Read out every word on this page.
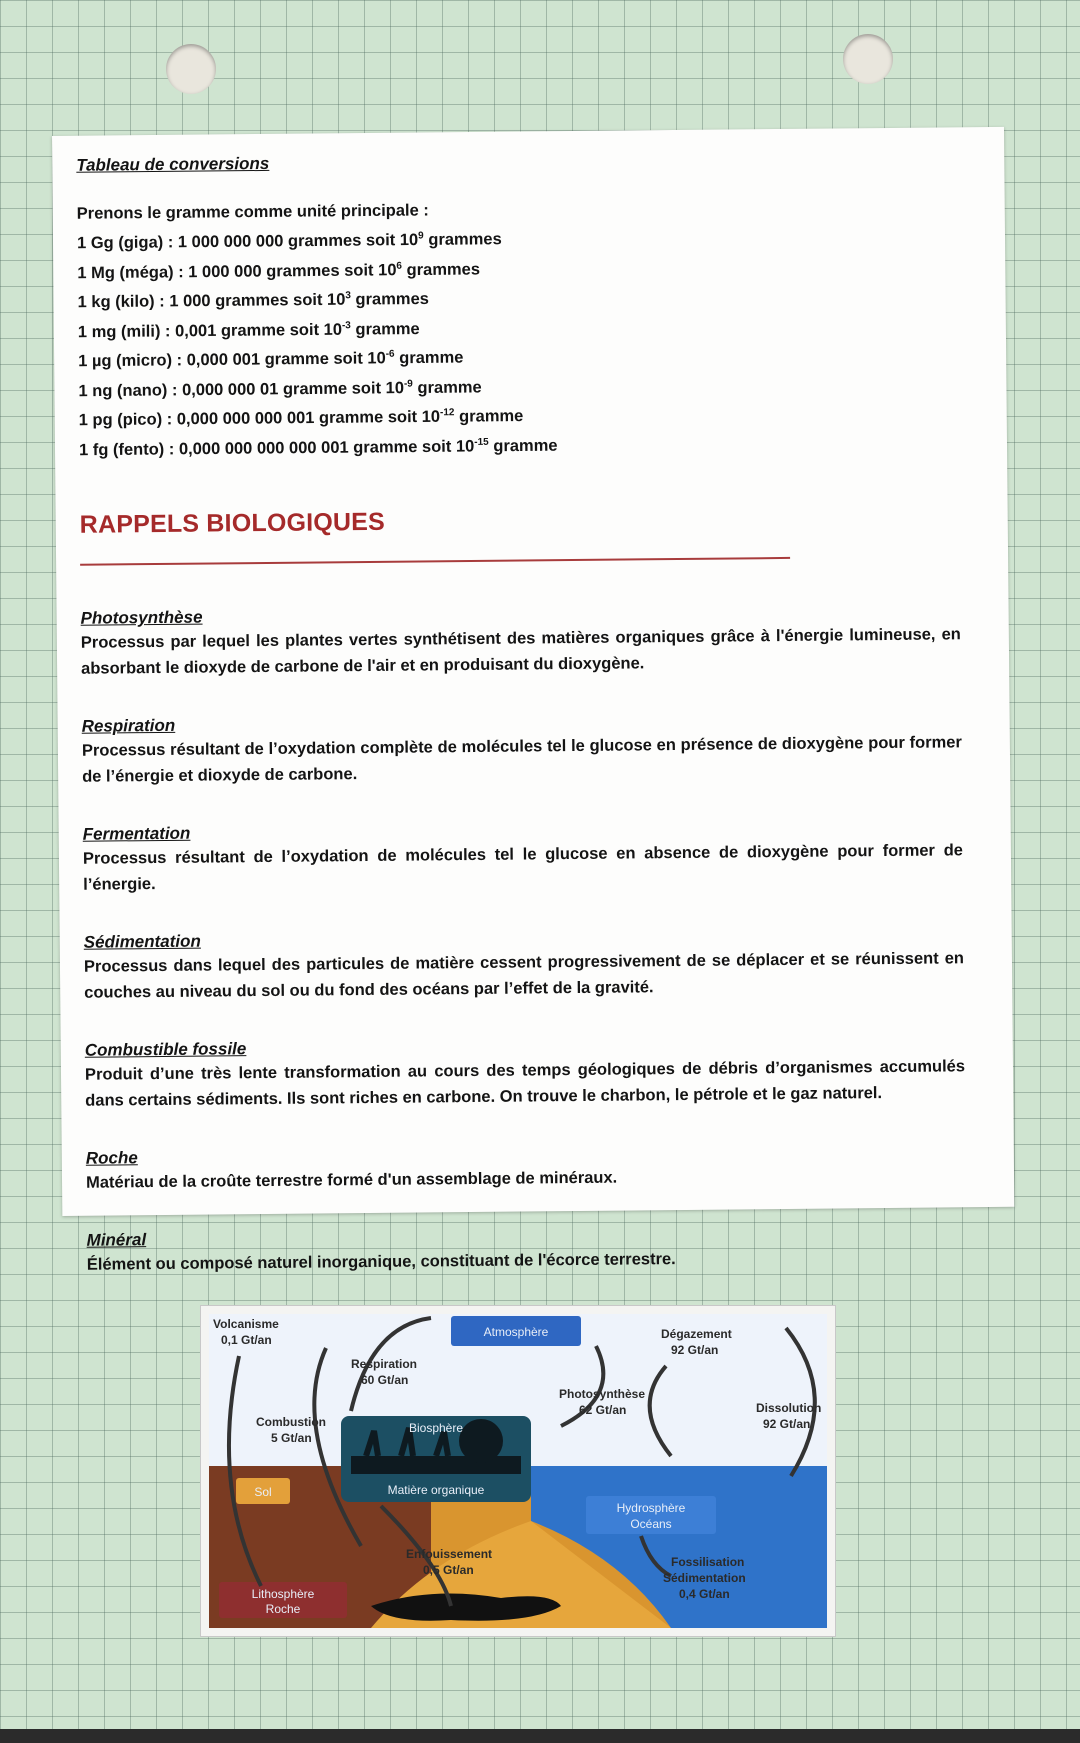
Tableau de conversions

Prenons le gramme comme unité principale :
1 Gg (giga) : 1 000 000 000 grammes soit $10^9$ grammes
1 Mg (méga) : 1 000 000 grammes soit $10^6$ grammes
1 kg (kilo) : 1 000 grammes soit $10^3$ grammes
1 mg (mili) : 0,001 gramme soit $10^{-3}$ gramme
1 µg (micro) : 0,000 001 gramme soit $10^{-6}$ gramme
1 ng (nano) : 0,000 000 01 gramme soit $10^{-9}$ gramme
1 pg (pico) : 0,000 000 000 001 gramme soit $10^{-12}$ gramme
1 fg (fento) : 0,000 000 000 000 001 gramme soit $10^{-15}$ gramme
RAPPELS BIOLOGIQUES
Photosynthèse
Processus par lequel les plantes vertes synthétisent des matières organiques grâce à l'énergie lumineuse, en absorbant le dioxyde de carbone de l'air et en produisant du dioxygène.
Respiration
Processus résultant de l’oxydation complète de molécules tel le glucose en présence de dioxygène pour former de l’énergie et dioxyde de carbone.
Fermentation
Processus résultant de l’oxydation de molécules tel le glucose en absence de dioxygène pour former de l’énergie.
Sédimentation
Processus dans lequel des particules de matière cessent progressivement de se déplacer et se réunissent en couches au niveau du sol ou du fond des océans par l’effet de la gravité.
Combustible fossile
Produit d’une très lente transformation au cours des temps géologiques de débris d’organismes accumulés dans certains sédiments. Ils sont riches en carbone. On trouve le charbon, le pétrole et le gaz naturel.
Roche
Matériau de la croûte terrestre formé d'un assemblage de minéraux.
Minéral
Élément ou composé naturel inorganique, constituant de l'écorce terrestre.
Atmosphère
Biosphère
Matière organique
Sol
Hydrosphère
Océans
Lithosphère
Roche
Volcanisme
0,1 Gt/an
Respiration
60 Gt/an
Photosynthèse
62 Gt/an
Dégazement
92 Gt/an
Dissolution
92 Gt/an
Combustion
5 Gt/an
Enfouissement
0,5 Gt/an
Fossilisation
Sédimentation
0,4 Gt/an
